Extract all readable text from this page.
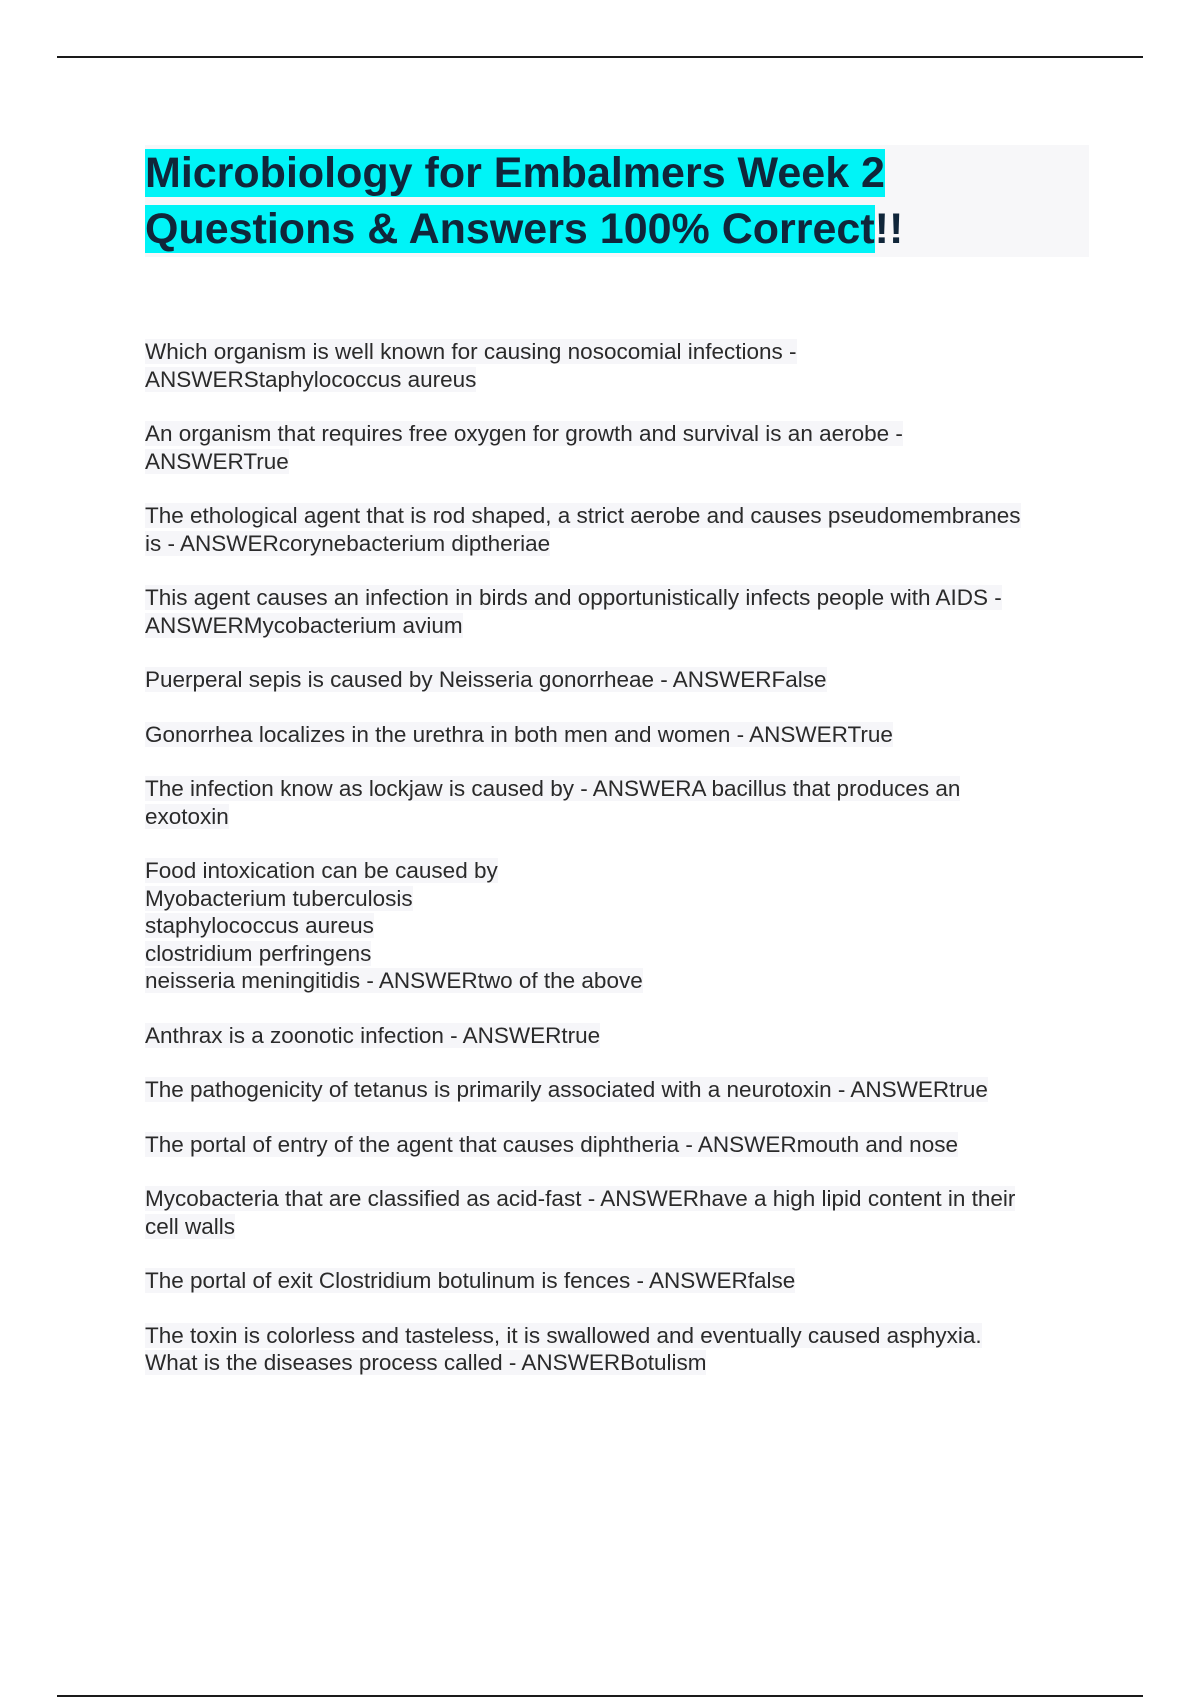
Microbiology for Embalmers Week 2
Questions & Answers 100% Correct!!

Which organism is well known for causing nosocomial infections -
ANSWERStaphylococcus aureus

An organism that requires free oxygen for growth and survival is an aerobe -
ANSWERTrue

The ethological agent that is rod shaped, a strict aerobe and causes pseudomembranes
is - ANSWERcorynebacterium diptheriae

This agent causes an infection in birds and opportunistically infects people with AIDS -
ANSWERMycobacterium avium

Puerperal sepis is caused by Neisseria gonorrheae - ANSWERFalse

Gonorrhea localizes in the urethra in both men and women - ANSWERTrue

The infection know as lockjaw is caused by - ANSWERA bacillus that produces an
exotoxin

Food intoxication can be caused by
Myobacterium tuberculosis
staphylococcus aureus
clostridium perfringens
neisseria meningitidis - ANSWERtwo of the above

Anthrax is a zoonotic infection - ANSWERtrue

The pathogenicity of tetanus is primarily associated with a neurotoxin - ANSWERtrue

The portal of entry of the agent that causes diphtheria - ANSWERmouth and nose

Mycobacteria that are classified as acid-fast - ANSWERhave a high lipid content in their
cell walls

The portal of exit Clostridium botulinum is fences - ANSWERfalse

The toxin is colorless and tasteless, it is swallowed and eventually caused asphyxia.
What is the diseases process called - ANSWERBotulism
